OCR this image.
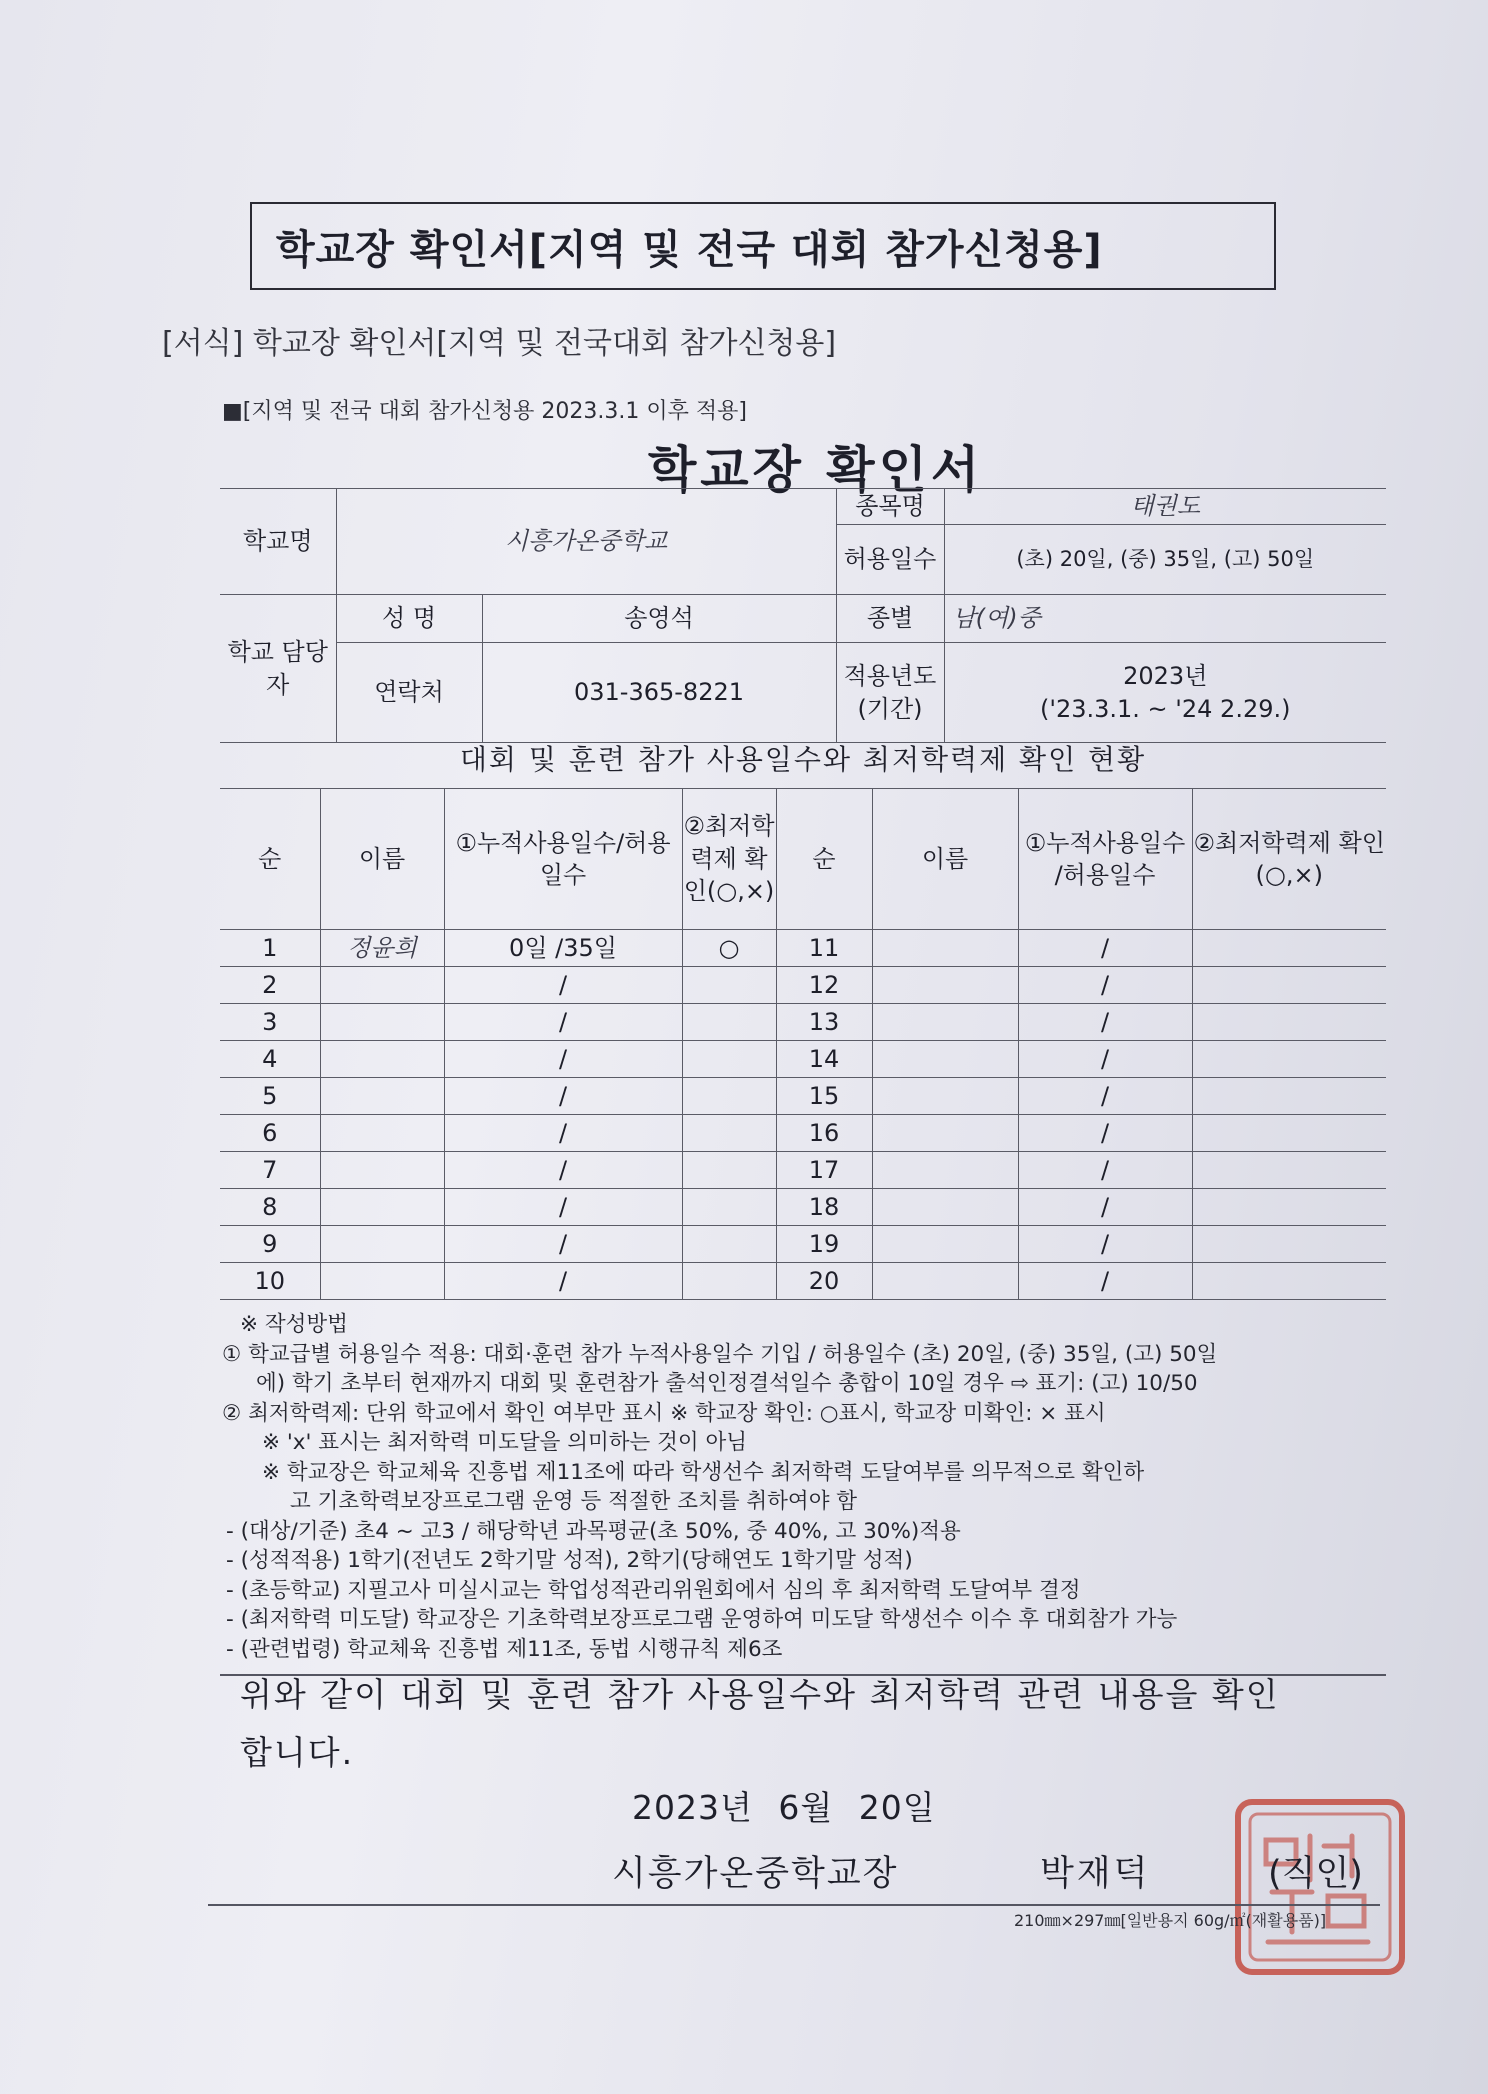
학교장 확인서[지역 및 전국 대회 참가신청용]
[서식] 학교장 확인서[지역 및 전국대회 참가신청용]
■[지역 및 전국 대회 참가신청용 2023.3.1 이후 적용]
학교장 확인서
학교명	시흥가온중학교		종목명	태권도
			허용일수	(초) 20일, (중) 35일, (고) 50일
학교 담당자	성 명	송영석	종별	남(여)중
	연락처	031-365-8221	적용년도 (기간)	2023년
('23.3.1. ~ '24 2.29.)
대회 및 훈련 참가 사용일수와 최저학력제 확인 현황
순	이름	①누적사용일수/허용일수	②최저학력제 확인(○,×)	순	이름	①누적사용일수 /허용일수	②최저학력제 확인(○,×)
1	정윤희	0일 /35일	○	11		/	
2		/		12		/	
3		/		13		/	
4		/		14		/	
5		/		15		/	
6		/		16		/	
7		/		17		/	
8		/		18		/	
9		/		19		/	
10		/		20		/	
※ 작성방법
① 학교급별 허용일수 적용: 대회·훈련 참가 누적사용일수 기입 / 허용일수 (초) 20일, (중) 35일, (고) 50일
에) 학기 초부터 현재까지 대회 및 훈련참가 출석인정결석일수 총합이 10일 경우 ⇨ 표기: (고) 10/50
② 최저학력제: 단위 학교에서 확인 여부만 표시 ※ 학교장 확인: ○표시, 학교장 미확인: × 표시
※ 'x' 표시는 최저학력 미도달을 의미하는 것이 아님
※ 학교장은 학교체육 진흥법 제11조에 따라 학생선수 최저학력 도달여부를 의무적으로 확인하
고 기초학력보장프로그램 운영 등 적절한 조치를 취하여야 함
- (대상/기준) 초4 ~ 고3 / 해당학년 과목평균(초 50%, 중 40%, 고 30%)적용
- (성적적용) 1학기(전년도 2학기말 성적), 2학기(당해연도 1학기말 성적)
- (초등학교) 지필고사 미실시교는 학업성적관리위원회에서 심의 후 최저학력 도달여부 결정
- (최저학력 미도달) 학교장은 기초학력보장프로그램 운영하여 미도달 학생선수 이수 후 대회참가 가능
- (관련법령) 학교체육 진흥법 제11조, 동법 시행규칙 제6조
위와 같이 대회 및 훈련 참가 사용일수와 최저학력 관련 내용을 확인
합니다.
2023년 6월 20일
시흥가온중학교장	박재덕	(직인)
210㎜×297㎜[일반용지 60g/㎡(재활용품)]
